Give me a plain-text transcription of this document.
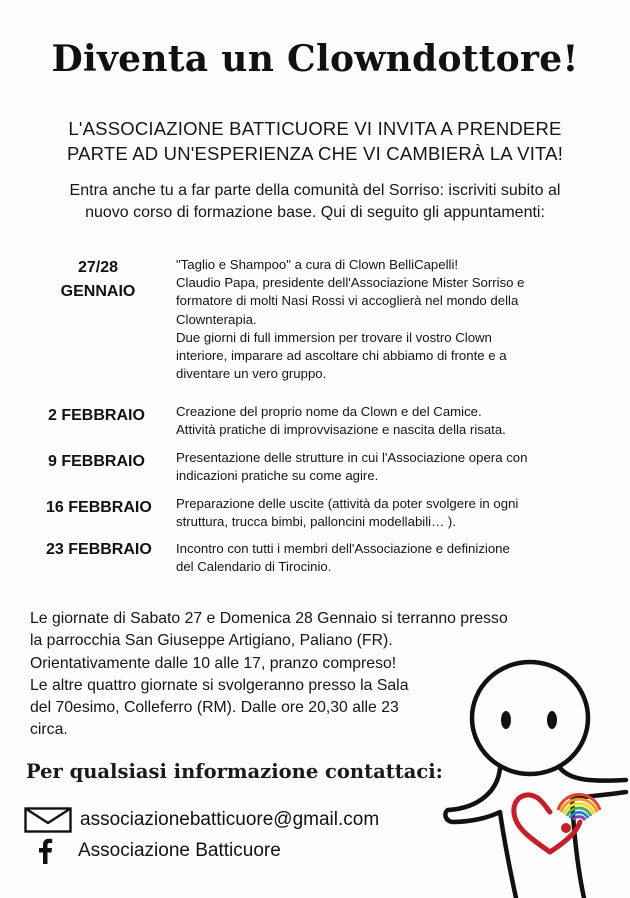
Diventa un Clowndottore!
L'ASSOCIAZIONE BATTICUORE VI INVITA A PRENDERE
PARTE AD UN'ESPERIENZA CHE VI CAMBIERÀ LA VITA!
Entra anche tu a far parte della comunità del Sorriso: iscriviti subito al
nuovo corso di formazione base. Qui di seguito gli appuntamenti:
27/28
GENNAIO
"Taglio e Shampoo" a cura di Clown BelliCapelli!
Claudio Papa, presidente dell'Associazione Mister Sorriso e
formatore di molti Nasi Rossi vi accoglierà nel mondo della
Clownterapia.
Due giorni di full immersion per trovare il vostro Clown
interiore, imparare ad ascoltare chi abbiamo di fronte e a
diventare un vero gruppo.
2 FEBBRAIO Creazione del proprio nome da Clown e del Camice.
Attività pratiche di improvvisazione e nascita della risata.
9 FEBBRAIO Presentazione delle strutture in cui l'Associazione opera con
indicazioni pratiche su come agire.
16 FEBBRAIO Preparazione delle uscite (attività da poter svolgere in ogni
struttura, trucca bimbi, palloncini modellabili… ).
23 FEBBRAIO Incontro con tutti i membri dell'Associazione e definizione
del Calendario di Tirocinio.
Le giornate di Sabato 27 e Domenica 28 Gennaio si terranno presso
la parrocchia San Giuseppe Artigiano, Paliano (FR).
Orientativamente dalle 10 alle 17, pranzo compreso!
Le altre quattro giornate si svolgeranno presso la Sala
del 70esimo, Colleferro (RM). Dalle ore 20,30 alle 23
circa.
Per qualsiasi informazione contattaci:
associazionebatticuore@gmail.com
Associazione Batticuore
